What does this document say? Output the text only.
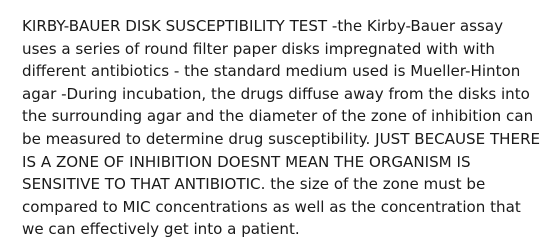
KIRBY-BAUER DISK SUSCEPTIBILITY TEST -the Kirby-Bauer assay uses a series of round filter paper disks impregnated with with different antibiotics - the standard medium used is Mueller-Hinton agar -During incubation, the drugs diffuse away from the disks into the surrounding agar and the diameter of the zone of inhibition can be measured to determine drug susceptibility. JUST BECAUSE THERE IS A ZONE OF INHIBITION DOESNT MEAN THE ORGANISM IS SENSITIVE TO THAT ANTIBIOTIC. the size of the zone must be compared to MIC concentrations as well as the concentration that we can effectively get into a patient.
